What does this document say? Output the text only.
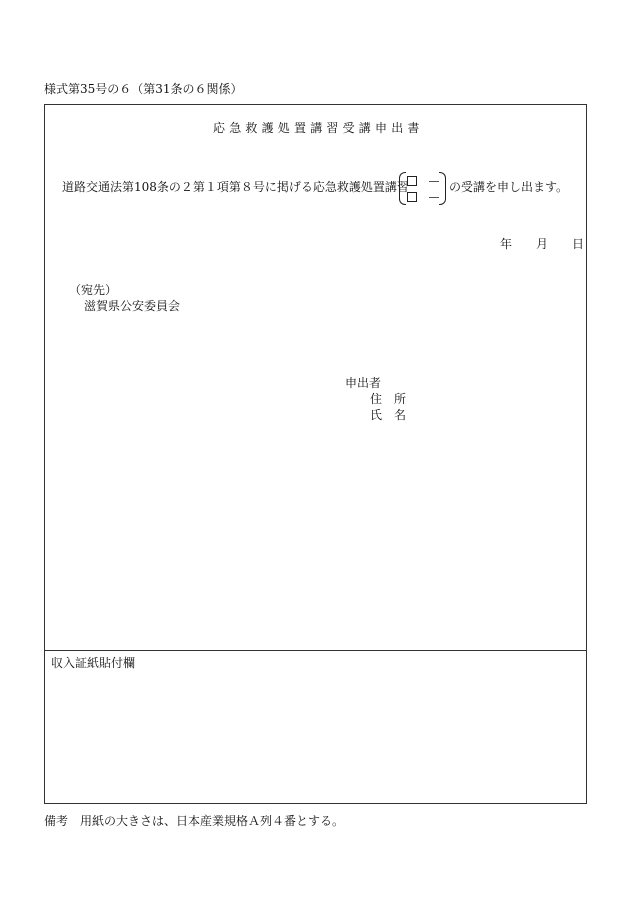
様式第35号の６（第31条の６関係）
応急救護処置講習受講申出書
道路交通法第108条の２第１項第８号に掲げる応急救護処置講習	の受講を申し出ます。
年 月 日
（宛先）
滋賀県公安委員会
申出者
住　所
氏　名
収入証紙貼付欄
備考　用紙の大きさは、日本産業規格Ａ列４番とする。
